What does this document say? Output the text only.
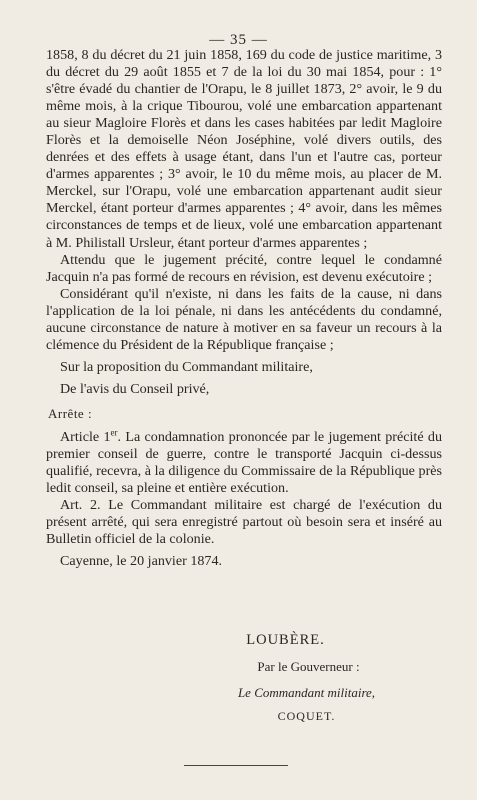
— 35 —

1858, 8 du décret du 21 juin 1858, 169 du code de justice maritime, 3 du décret du 29 août 1855 et 7 de la loi du 30 mai 1854, pour : 1° s'être évadé du chantier de l'Orapu, le 8 juillet 1873, 2° avoir, le 9 du même mois, à la crique Tibourou, volé une embarcation appartenant au sieur Magloire Florès et dans les cases habitées par ledit Magloire Florès et la demoiselle Néon Joséphine, volé divers outils, des denrées et des effets à usage étant, dans l'un et l'autre cas, porteur d'armes apparentes ; 3° avoir, le 10 du même mois, au placer de M. Merckel, sur l'Orapu, volé une embarcation appartenant audit sieur Merckel, étant porteur d'armes apparentes ; 4° avoir, dans les mêmes circonstances de temps et de lieux, volé une embarcation appartenant à M. Philistall Ursleur, étant porteur d'armes apparentes ;

Attendu que le jugement précité, contre lequel le condamné Jacquin n'a pas formé de recours en révision, est devenu exécutoire ;

Considérant qu'il n'existe, ni dans les faits de la cause, ni dans l'application de la loi pénale, ni dans les antécédents du condamné, aucune circonstance de nature à motiver en sa faveur un recours à la clémence du Président de la République française ;

Sur la proposition du Commandant militaire,

De l'avis du Conseil privé,

Arrête :

Article 1er. La condamnation prononcée par le jugement précité du premier conseil de guerre, contre le transporté Jacquin ci-dessus qualifié, recevra, à la diligence du Commissaire de la République près ledit conseil, sa pleine et entière exécution.

Art. 2. Le Commandant militaire est chargé de l'exécution du présent arrêté, qui sera enregistré partout où besoin sera et inséré au Bulletin officiel de la colonie.

Cayenne, le 20 janvier 1874.

LOUBÈRE.
Par le Gouverneur :
Le Commandant militaire,
COQUET.
